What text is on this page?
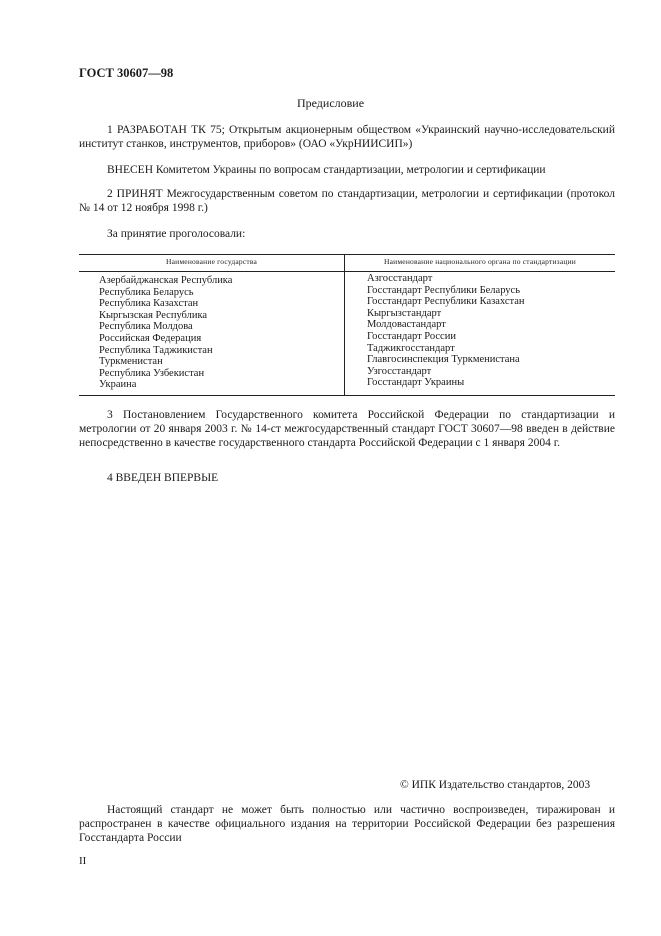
ГОСТ 30607—98
Предисловие
1 РАЗРАБОТАН ТК 75; Открытым акционерным обществом «Украинский научно-исследовательский институт станков, инструментов, приборов» (ОАО «УкрНИИСИП»)
ВНЕСЕН Комитетом Украины по вопросам стандартизации, метрологии и сертификации
2 ПРИНЯТ Межгосударственным советом по стандартизации, метрологии и сертификации (протокол № 14 от 12 ноября 1998 г.)
За принятие проголосовали:
Наименование государства	Наименование национального органа по стандартизации
Азербайджанская Республика
Республика Беларусь
Республика Казахстан
Кыргызская Республика
Республика Молдова
Российская Федерация
Республика Таджикистан
Туркменистан
Республика Узбекистан
Украина
Азгосстандарт
Госстандарт Республики Беларусь
Госстандарт Республики Казахстан
Кыргызстандарт
Молдовастандарт
Госстандарт России
Таджикгосстандарт
Главгосинспекция Туркменистана
Узгосстандарт
Госстандарт Украины
3 Постановлением Государственного комитета Российской Федерации по стандартизации и метрологии от 20 января 2003 г. № 14-ст межгосударственный стандарт ГОСТ 30607—98 введен в действие непосредственно в качестве государственного стандарта Российской Федерации с 1 января 2004 г.
4 ВВЕДЕН ВПЕРВЫЕ
© ИПК Издательство стандартов, 2003
Настоящий стандарт не может быть полностью или частично воспроизведен, тиражирован и распространен в качестве официального издания на территории Российской Федерации без разрешения Госстандарта России
II
